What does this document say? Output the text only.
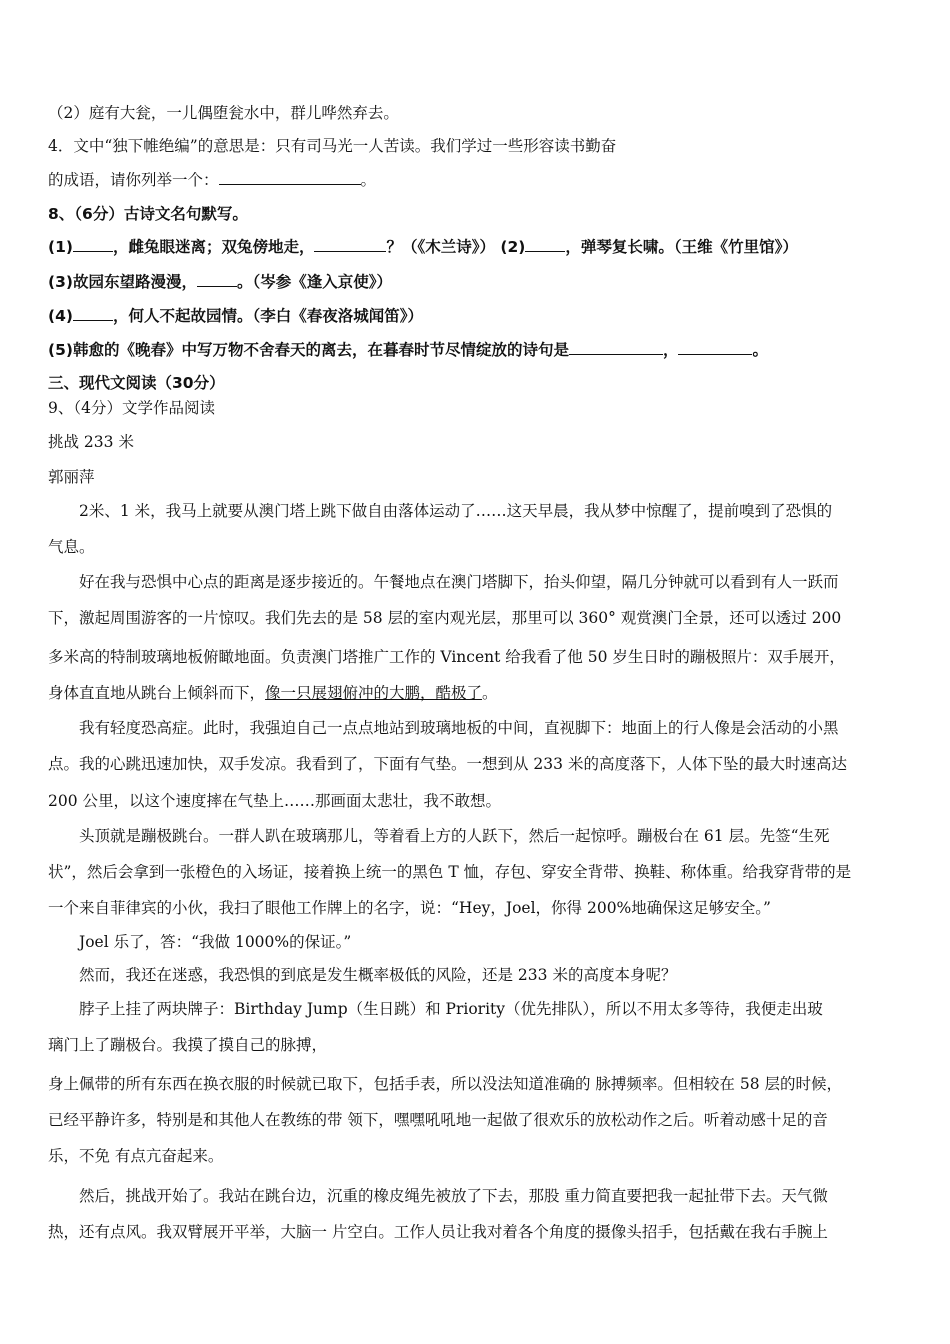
（2）庭有大瓮，一儿偶堕瓮水中，群儿哗然弃去。
4．文中“独下帷绝编”的意思是：只有司马光一人苦读。我们学过一些形容读书勤奋
的成语，请你列举一个：	。
8、（6分）古诗文名句默写。
(1)	，雌兔眼迷离；双兔傍地走，	？（《木兰诗》） (2)	，弹琴复长啸。（王维《竹里馆》）
(3)故园东望路漫漫，	。（岑参《逢入京使》）
(4)	，何人不起故园情。（李白《春夜洛城闻笛》）
(5)韩愈的《晚春》中写万物不舍春天的离去，在暮春时节尽情绽放的诗句是	，	。
三、现代文阅读（30分）
9、（4分）文学作品阅读
挑战 233 米
郭丽萍
2米、1 米，我马上就要从澳门塔上跳下做自由落体运动了……这天早晨，我从梦中惊醒了，提前嗅到了恐惧的
气息。
好在我与恐惧中心点的距离是逐步接近的。午餐地点在澳门塔脚下，抬头仰望，隔几分钟就可以看到有人一跃而
下，激起周围游客的一片惊叹。我们先去的是 58 层的室内观光层，那里可以 360° 观赏澳门全景，还可以透过 200
多米高的特制玻璃地板俯瞰地面。负责澳门塔推广工作的 Vincent 给我看了他 50 岁生日时的蹦极照片：双手展开，
身体直直地从跳台上倾斜而下，像一只展翅俯冲的大鹏，酷极了。
我有轻度恐高症。此时，我强迫自己一点点地站到玻璃地板的中间，直视脚下：地面上的行人像是会活动的小黑
点。我的心跳迅速加快，双手发凉。我看到了，下面有气垫。一想到从 233 米的高度落下，人体下坠的最大时速高达
200 公里，以这个速度摔在气垫上……那画面太悲壮，我不敢想。
头顶就是蹦极跳台。一群人趴在玻璃那儿，等着看上方的人跃下，然后一起惊呼。蹦极台在 61 层。先签“生死
状”，然后会拿到一张橙色的入场证，接着换上统一的黑色 T 恤，存包、穿安全背带、换鞋、称体重。给我穿背带的是
一个来自菲律宾的小伙，我扫了眼他工作牌上的名字，说：“Hey，Joel，你得 200%地确保这足够安全。”
Joel 乐了，答：“我做 1000%的保证。”
然而，我还在迷惑，我恐惧的到底是发生概率极低的风险，还是 233 米的高度本身呢？
脖子上挂了两块牌子：Birthday Jump（生日跳）和 Priority（优先排队），所以不用太多等待，我便走出玻
璃门上了蹦极台。我摸了摸自己的脉搏，
身上佩带的所有东西在换衣服的时候就已取下，包括手表，所以没法知道准确的 脉搏频率。但相较在 58 层的时候，
已经平静许多，特别是和其他人在教练的带 领下，嘿嘿吼吼地一起做了很欢乐的放松动作之后。听着动感十足的音
乐，不免 有点亢奋起来。
然后，挑战开始了。我站在跳台边，沉重的橡皮绳先被放了下去，那股 重力简直要把我一起扯带下去。天气微
热，还有点风。我双臂展开平举，大脑一 片空白。工作人员让我对着各个角度的摄像头招手，包括戴在我右手腕上
